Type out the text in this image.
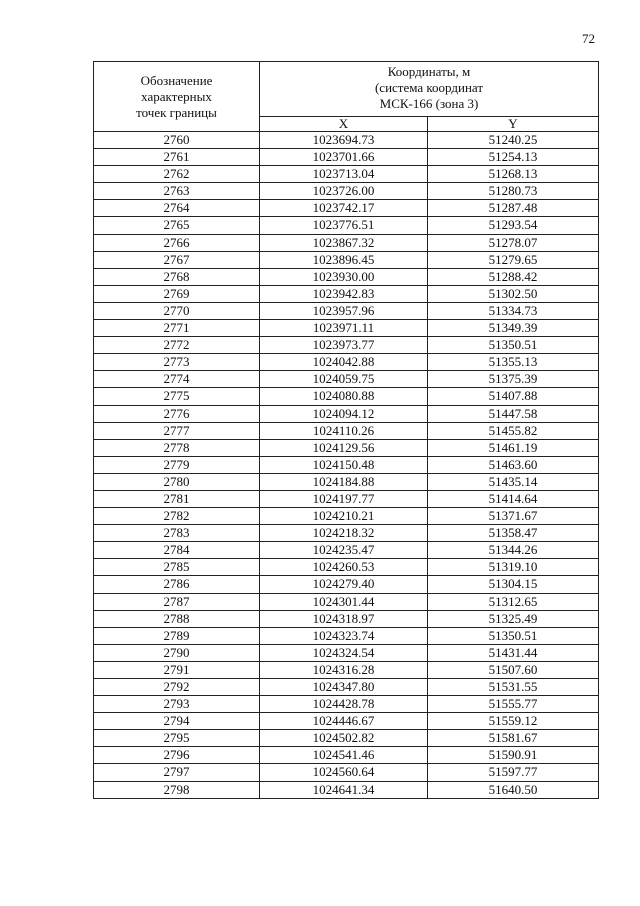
72
Обозначение
характерных
точек границы	Координаты, м
(система координат
МСК-166 (зона 3)	

	X	Y
2760	1023694.73	51240.25
2761	1023701.66	51254.13
2762	1023713.04	51268.13
2763	1023726.00	51280.73
2764	1023742.17	51287.48
2765	1023776.51	51293.54
2766	1023867.32	51278.07
2767	1023896.45	51279.65
2768	1023930.00	51288.42
2769	1023942.83	51302.50
2770	1023957.96	51334.73
2771	1023971.11	51349.39
2772	1023973.77	51350.51
2773	1024042.88	51355.13
2774	1024059.75	51375.39
2775	1024080.88	51407.88
2776	1024094.12	51447.58
2777	1024110.26	51455.82
2778	1024129.56	51461.19
2779	1024150.48	51463.60
2780	1024184.88	51435.14
2781	1024197.77	51414.64
2782	1024210.21	51371.67
2783	1024218.32	51358.47
2784	1024235.47	51344.26
2785	1024260.53	51319.10
2786	1024279.40	51304.15
2787	1024301.44	51312.65
2788	1024318.97	51325.49
2789	1024323.74	51350.51
2790	1024324.54	51431.44
2791	1024316.28	51507.60
2792	1024347.80	51531.55
2793	1024428.78	51555.77
2794	1024446.67	51559.12
2795	1024502.82	51581.67
2796	1024541.46	51590.91
2797	1024560.64	51597.77
2798	1024641.34	51640.50
